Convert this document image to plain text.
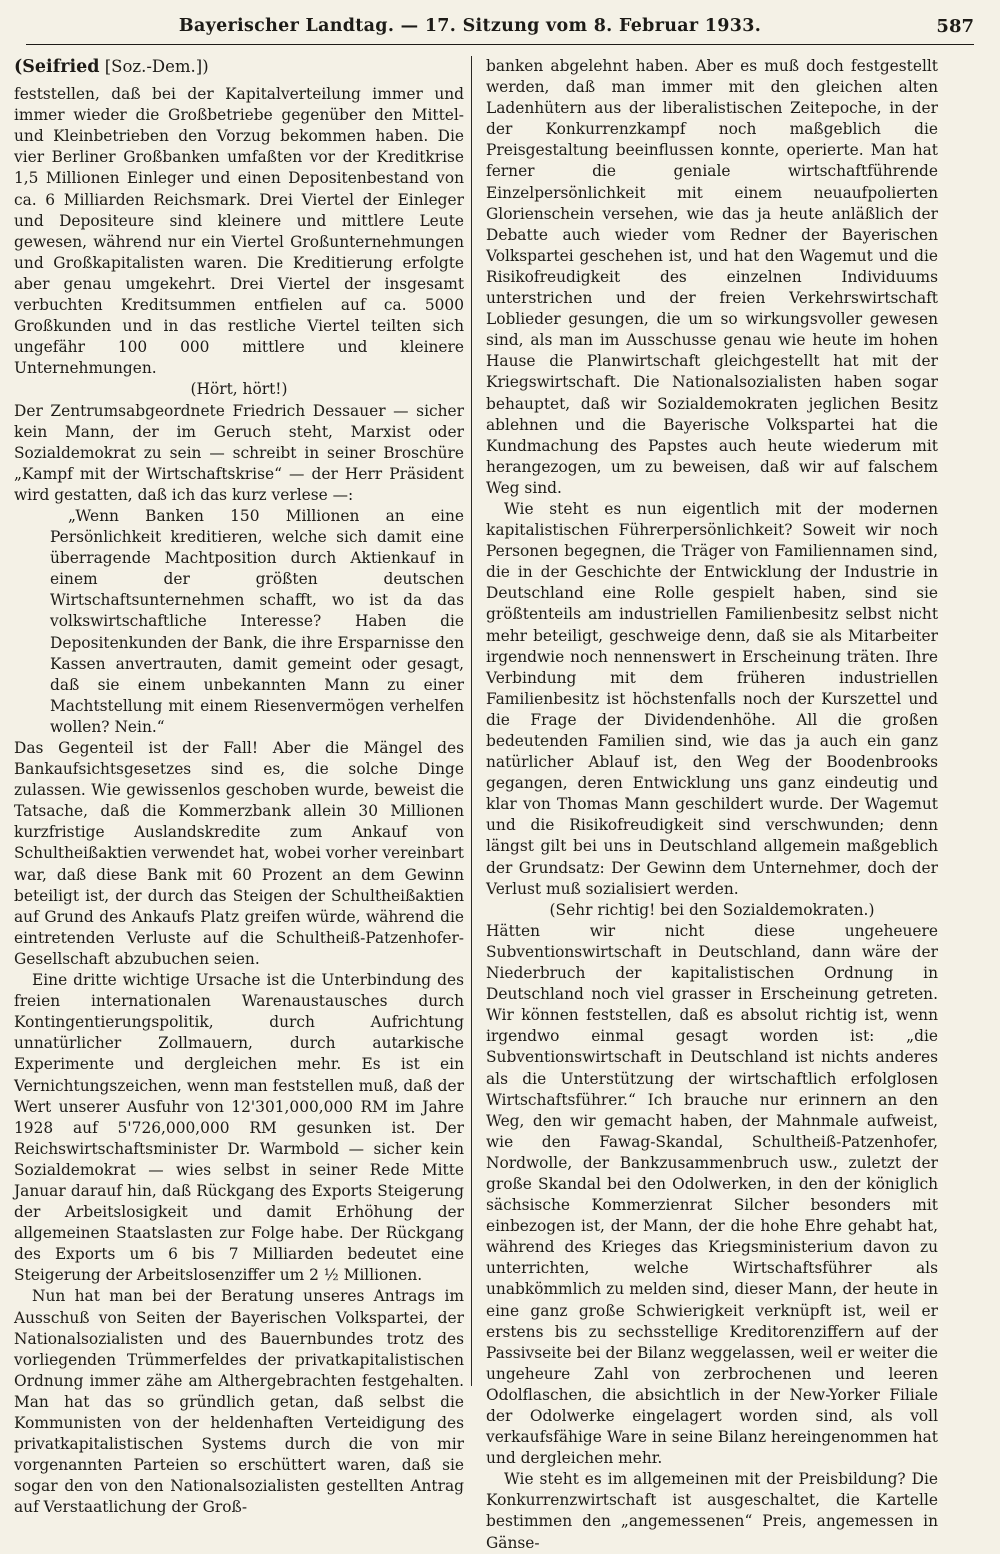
Bayerischer Landtag. — 17. Sitzung vom 8. Februar 1933.	587

(Seifried [Soz.-Dem.])

feststellen, daß bei der Kapitalverteilung immer und immer wieder die Großbetriebe gegenüber den Mittel- und Kleinbetrieben den Vorzug bekommen haben. Die vier Berliner Großbanken umfaßten vor der Kreditkrise 1,5 Millionen Einleger und einen Depositenbestand von ca. 6 Milliarden Reichsmark. Drei Viertel der Einleger und Depositeure sind kleinere und mittlere Leute gewesen, während nur ein Viertel Großunternehmungen und Großkapitalisten waren. Die Kreditierung erfolgte aber genau umgekehrt. Drei Viertel der insgesamt verbuchten Kreditsummen entfielen auf ca. 5000 Großkunden und in das restliche Viertel teilten sich ungefähr 100 000 mittlere und kleinere Unternehmungen.

(Hört, hört!)

Der Zentrumsabgeordnete Friedrich Dessauer — sicher kein Mann, der im Geruch steht, Marxist oder Sozialdemokrat zu sein — schreibt in seiner Broschüre „Kampf mit der Wirtschaftskrise“ — der Herr Präsident wird gestatten, daß ich das kurz verlese —:

„Wenn Banken 150 Millionen an eine Persönlichkeit kreditieren, welche sich damit eine überragende Machtposition durch Aktienkauf in einem der größten deutschen Wirtschaftsunternehmen schafft, wo ist da das volkswirtschaftliche Interesse? Haben die Depositenkunden der Bank, die ihre Ersparnisse den Kassen anvertrauten, damit gemeint oder gesagt, daß sie einem unbekannten Mann zu einer Machtstellung mit einem Riesenvermögen verhelfen wollen? Nein.“

Das Gegenteil ist der Fall! Aber die Mängel des Bankaufsichtsgesetzes sind es, die solche Dinge zulassen. Wie gewissenlos geschoben wurde, beweist die Tatsache, daß die Kommerzbank allein 30 Millionen kurzfristige Auslandskredite zum Ankauf von Schultheißaktien verwendet hat, wobei vorher vereinbart war, daß diese Bank mit 60 Prozent an dem Gewinn beteiligt ist, der durch das Steigen der Schultheißaktien auf Grund des Ankaufs Platz greifen würde, während die eintretenden Verluste auf die Schultheiß-Patzenhofer-Gesellschaft abzubuchen seien.

Eine dritte wichtige Ursache ist die Unterbindung des freien internationalen Warenaustausches durch Kontingentierungspolitik, durch Aufrichtung unnatürlicher Zollmauern, durch autarkische Experimente und dergleichen mehr. Es ist ein Vernichtungszeichen, wenn man feststellen muß, daß der Wert unserer Ausfuhr von 12'301,000,000 RM im Jahre 1928 auf 5'726,000,000 RM gesunken ist. Der Reichswirtschaftsminister Dr. Warmbold — sicher kein Sozialdemokrat — wies selbst in seiner Rede Mitte Januar darauf hin, daß Rückgang des Exports Steigerung der Arbeitslosigkeit und damit Erhöhung der allgemeinen Staatslasten zur Folge habe. Der Rückgang des Exports um 6 bis 7 Milliarden bedeutet eine Steigerung der Arbeitslosenziffer um 2 ½ Millionen.

Nun hat man bei der Beratung unseres Antrags im Ausschuß von Seiten der Bayerischen Volkspartei, der Nationalsozialisten und des Bauernbundes trotz des vorliegenden Trümmerfeldes der privatkapitalistischen Ordnung immer zähe am Althergebrachten festgehalten. Man hat das so gründlich getan, daß selbst die Kommunisten von der heldenhaften Verteidigung des privatkapitalistischen Systems durch die von mir vorgenannten Parteien so erschüttert waren, daß sie sogar den von den Nationalsozialisten gestellten Antrag auf Verstaatlichung der Groß-

banken abgelehnt haben. Aber es muß doch festgestellt werden, daß man immer mit den gleichen alten Ladenhütern aus der liberalistischen Zeitepoche, in der der Konkurrenzkampf noch maßgeblich die Preisgestaltung beeinflussen konnte, operierte. Man hat ferner die geniale wirtschaftführende Einzelpersönlichkeit mit einem neuaufpolierten Glorienschein versehen, wie das ja heute anläßlich der Debatte auch wieder vom Redner der Bayerischen Volkspartei geschehen ist, und hat den Wagemut und die Risikofreudigkeit des einzelnen Individuums unterstrichen und der freien Verkehrswirtschaft Loblieder gesungen, die um so wirkungsvoller gewesen sind, als man im Ausschusse genau wie heute im hohen Hause die Planwirtschaft gleichgestellt hat mit der Kriegswirtschaft. Die Nationalsozialisten haben sogar behauptet, daß wir Sozialdemokraten jeglichen Besitz ablehnen und die Bayerische Volkspartei hat die Kundmachung des Papstes auch heute wiederum mit herangezogen, um zu beweisen, daß wir auf falschem Weg sind.

Wie steht es nun eigentlich mit der modernen kapitalistischen Führerpersönlichkeit? Soweit wir noch Personen begegnen, die Träger von Familiennamen sind, die in der Geschichte der Entwicklung der Industrie in Deutschland eine Rolle gespielt haben, sind sie größtenteils am industriellen Familienbesitz selbst nicht mehr beteiligt, geschweige denn, daß sie als Mitarbeiter irgendwie noch nennenswert in Erscheinung träten. Ihre Verbindung mit dem früheren industriellen Familienbesitz ist höchstenfalls noch der Kurszettel und die Frage der Dividendenhöhe. All die großen bedeutenden Familien sind, wie das ja auch ein ganz natürlicher Ablauf ist, den Weg der Boodenbrooks gegangen, deren Entwicklung uns ganz eindeutig und klar von Thomas Mann geschildert wurde. Der Wagemut und die Risikofreudigkeit sind verschwunden; denn längst gilt bei uns in Deutschland allgemein maßgeblich der Grundsatz: Der Gewinn dem Unternehmer, doch der Verlust muß sozialisiert werden.

(Sehr richtig! bei den Sozialdemokraten.)

Hätten wir nicht diese ungeheuere Subventionswirtschaft in Deutschland, dann wäre der Niederbruch der kapitalistischen Ordnung in Deutschland noch viel grasser in Erscheinung getreten. Wir können feststellen, daß es absolut richtig ist, wenn irgendwo einmal gesagt worden ist: „die Subventionswirtschaft in Deutschland ist nichts anderes als die Unterstützung der wirtschaftlich erfolglosen Wirtschaftsführer.“ Ich brauche nur erinnern an den Weg, den wir gemacht haben, der Mahnmale aufweist, wie den Fawag-Skandal, Schultheiß-Patzenhofer, Nordwolle, der Bankzusammenbruch usw., zuletzt der große Skandal bei den Odolwerken, in den der königlich sächsische Kommerzienrat Silcher besonders mit einbezogen ist, der Mann, der die hohe Ehre gehabt hat, während des Krieges das Kriegsministerium davon zu unterrichten, welche Wirtschaftsführer als unabkömmlich zu melden sind, dieser Mann, der heute in eine ganz große Schwierigkeit verknüpft ist, weil er erstens bis zu sechsstellige Kreditorenziffern auf der Passivseite bei der Bilanz weggelassen, weil er weiter die ungeheure Zahl von zerbrochenen und leeren Odolflaschen, die absichtlich in der New-Yorker Filiale der Odolwerke eingelagert worden sind, als voll verkaufsfähige Ware in seine Bilanz hereingenommen hat und dergleichen mehr.

Wie steht es im allgemeinen mit der Preisbildung? Die Konkurrenzwirtschaft ist ausgeschaltet, die Kartelle bestimmen den „angemessenen“ Preis, angemessen in Gänse-
